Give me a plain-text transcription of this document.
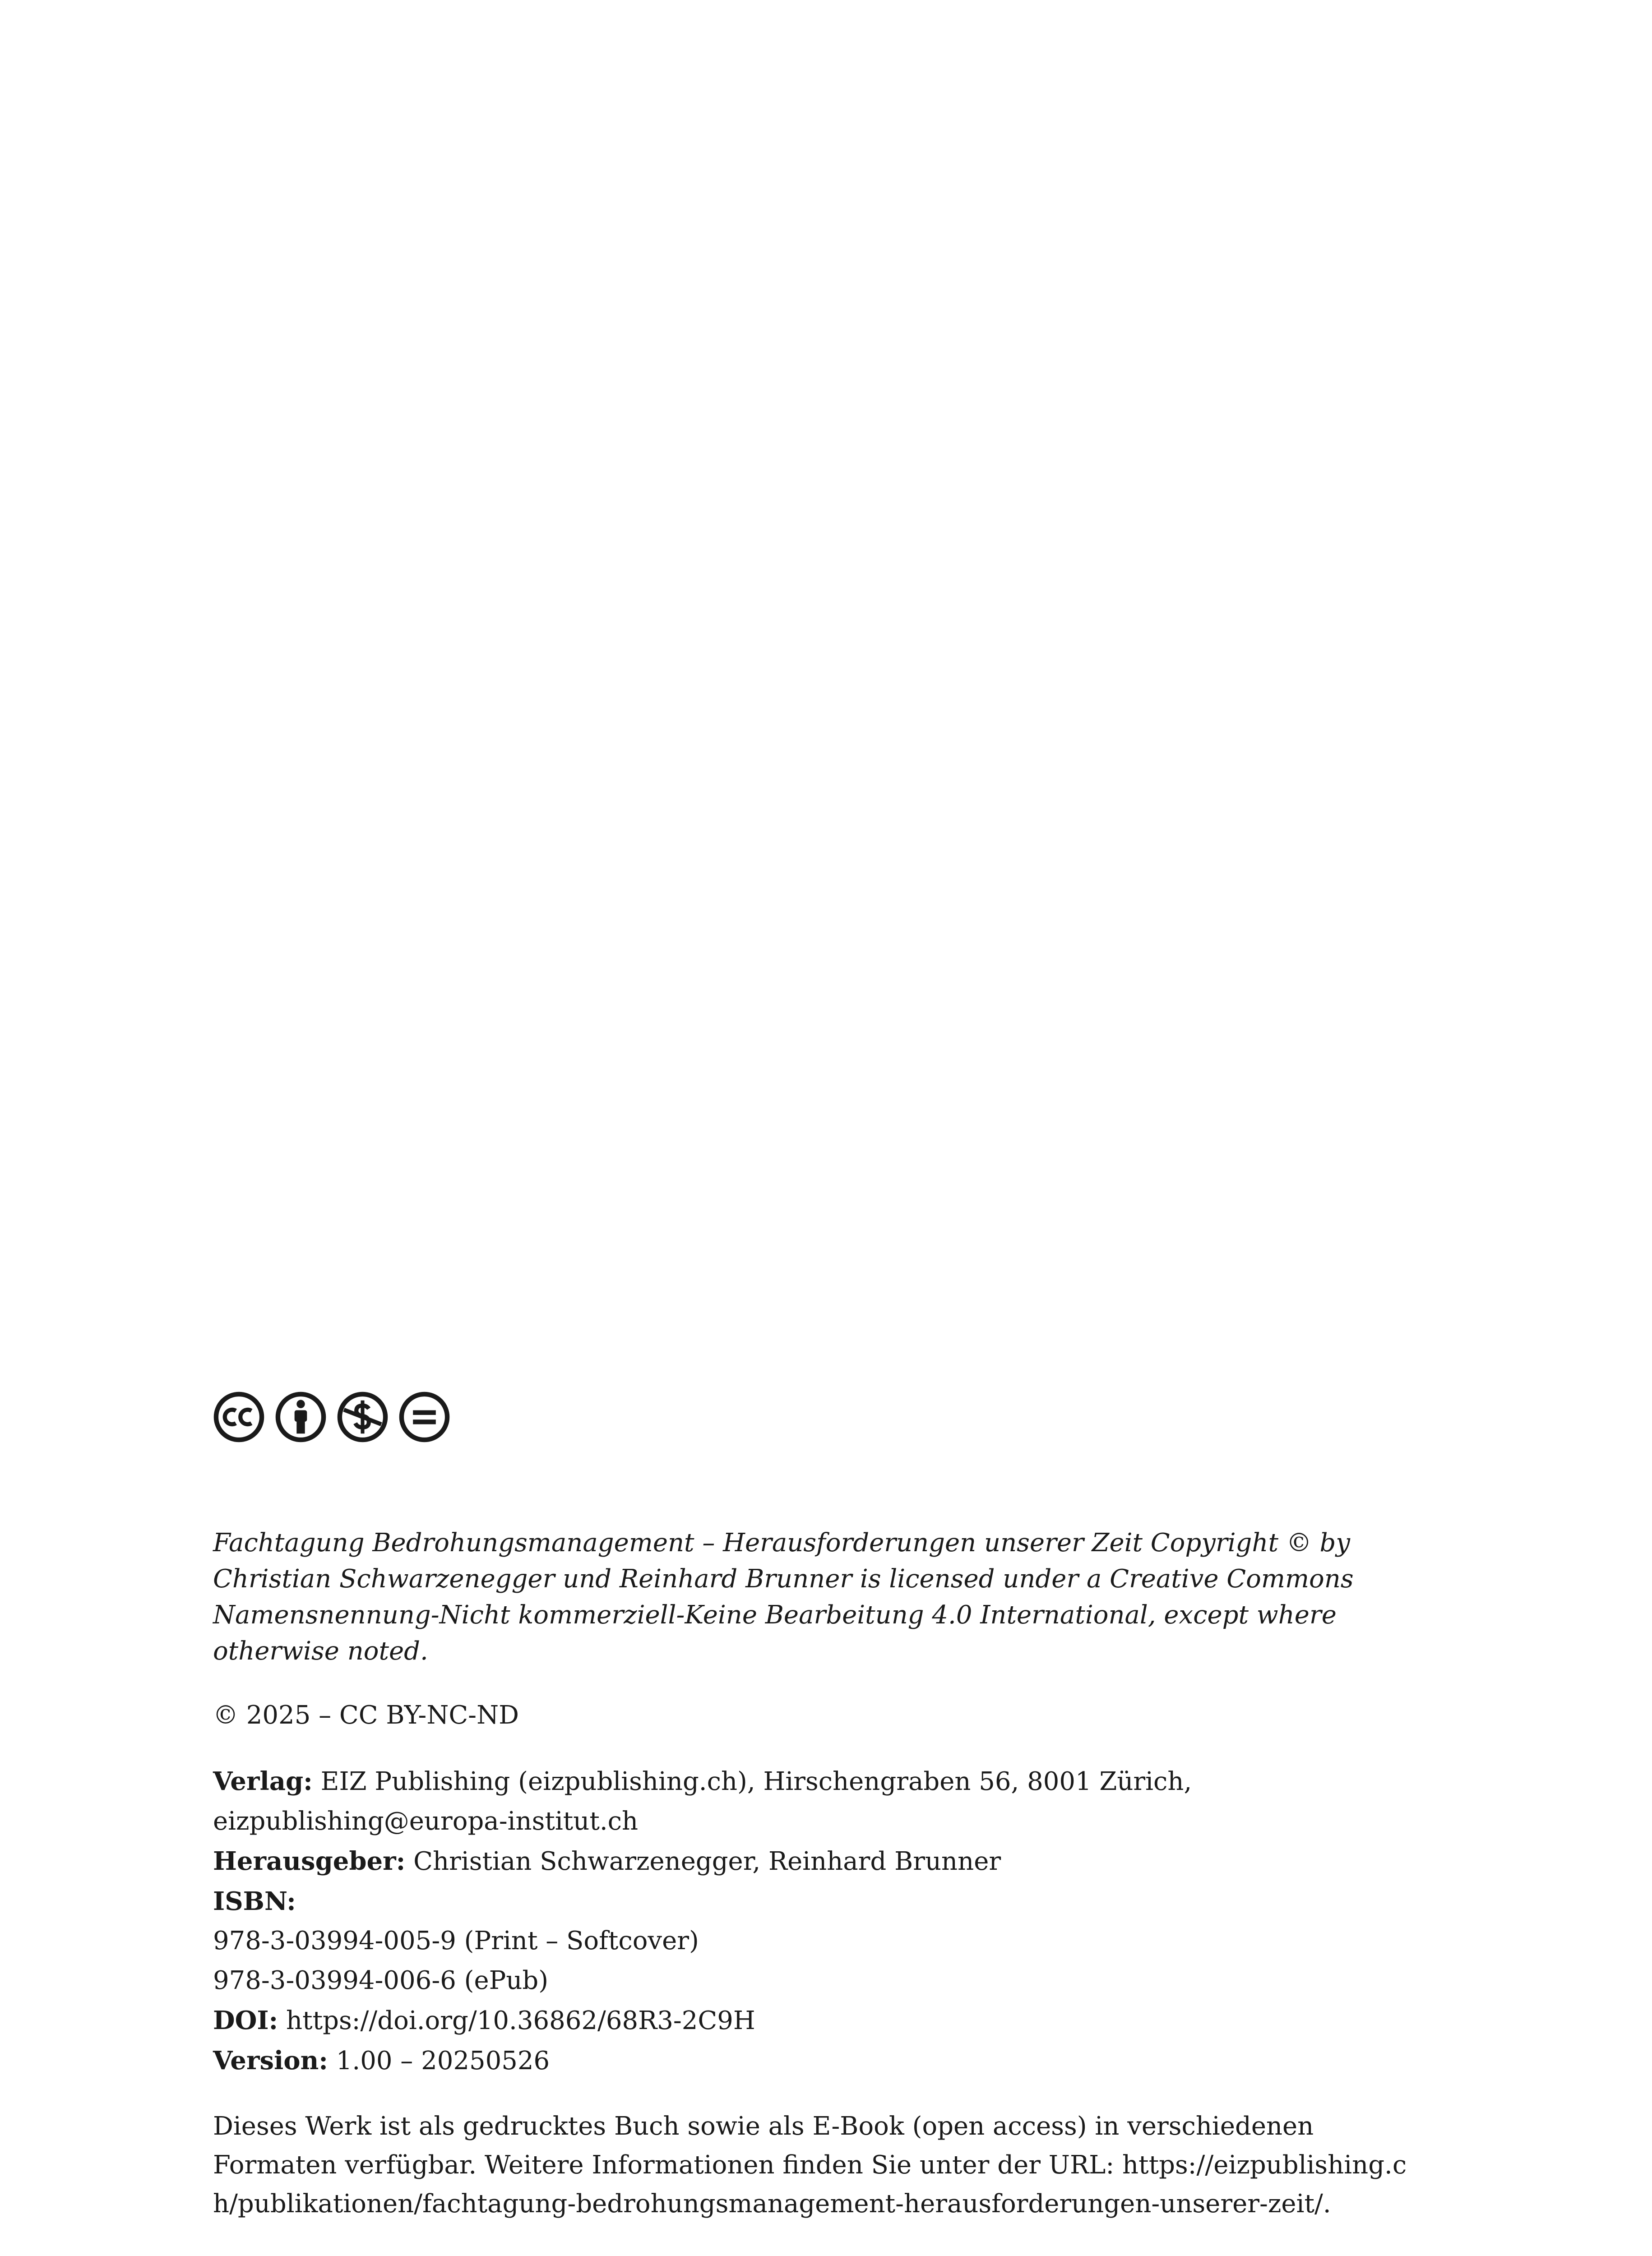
Fachtagung Bedrohungsmanagement – Herausforderungen unserer Zeit Copyright © by Christian Schwarzenegger und Reinhard Brunner is licensed under a Creative Commons Namensnennung-Nicht kommerziell-Keine Bearbeitung 4.0 International, except where otherwise noted.

© 2025 – CC BY-NC-ND
Verlag: EIZ Publishing (eizpublishing.ch), Hirschengraben 56, 8001 Zürich,
eizpublishing@europa-institut.ch
Herausgeber: Christian Schwarzenegger, Reinhard Brunner
ISBN:
978-3-03994-005-9 (Print – Softcover)
978-3-03994-006-6 (ePub)
DOI: https://doi.org/10.36862/68R3-2C9H
Version: 1.00 – 20250526

Dieses Werk ist als gedrucktes Buch sowie als E-Book (open access) in verschiedenen Formaten verfügbar. Weitere Informationen finden Sie unter der URL: https://eizpublishing.ch/publikationen/fachtagung-bedrohungsmanagement-herausforderungen-unserer-zeit/.
